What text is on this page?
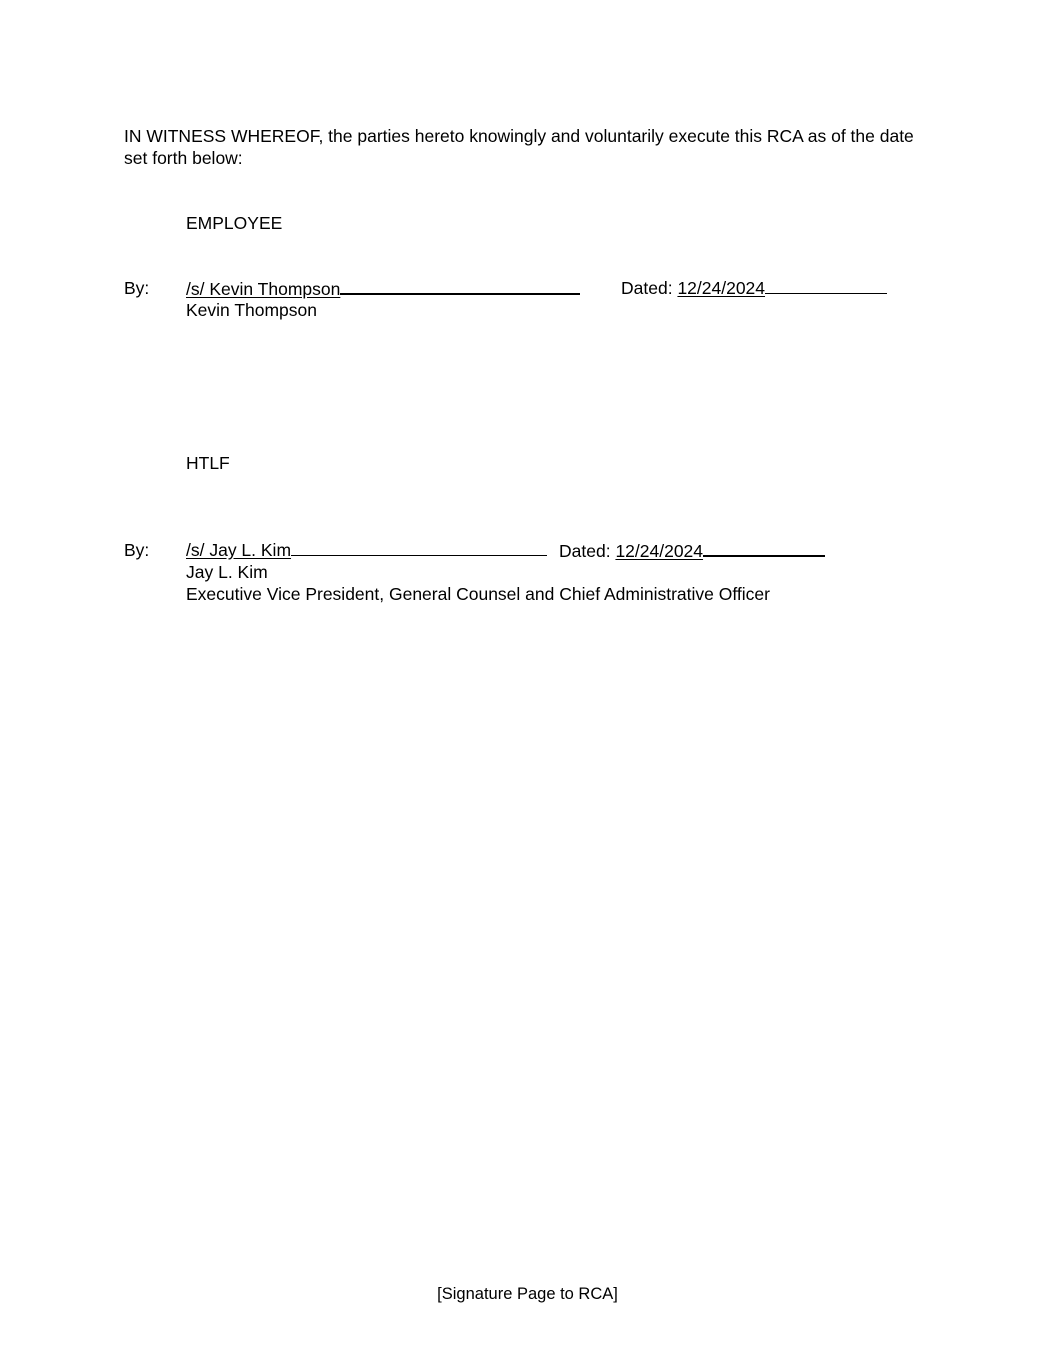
IN WITNESS WHEREOF, the parties hereto knowingly and voluntarily execute this RCA as of the date set forth below:
EMPLOYEE
By: /s/ Kevin Thompson	Dated: 12/24/2024
Kevin Thompson
HTLF
By: /s/ Jay L. Kim	Dated: 12/24/2024
Jay L. Kim
Executive Vice President, General Counsel and Chief Administrative Officer
[Signature Page to RCA]
